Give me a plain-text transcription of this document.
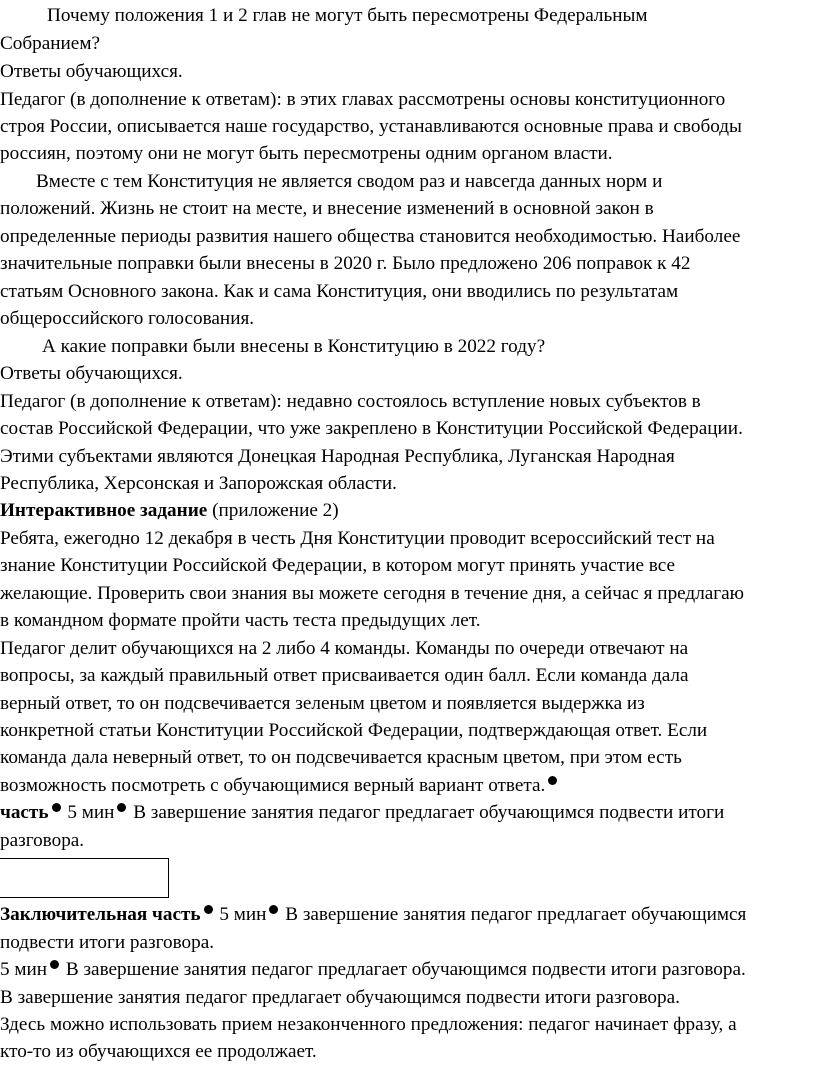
Почему положения 1 и 2 глав не могут быть пересмотрены Федеральным
Собранием?
Ответы обучающихся.
Педагог (в дополнение к ответам): в этих главах рассмотрены основы конституционного
строя России, описывается наше государство, устанавливаются основные права и свободы
россиян, поэтому они не могут быть пересмотрены одним органом власти.
Вместе с тем Конституция не является сводом раз и навсегда данных норм и
положений. Жизнь не стоит на месте, и внесение изменений в основной закон в
определенные периоды развития нашего общества становится необходимостью. Наиболее
значительные поправки были внесены в 2020 г. Было предложено 206 поправок к 42
статьям Основного закона. Как и сама Конституция, они вводились по результатам
общероссийского голосования.
А какие поправки были внесены в Конституцию в 2022 году?
Ответы обучающихся.
Педагог (в дополнение к ответам): недавно состоялось вступление новых субъектов в
состав Российской Федерации, что уже закреплено в Конституции Российской Федерации.
Этими субъектами являются Донецкая Народная Республика, Луганская Народная
Республика, Херсонская и Запорожская области.
Интерактивное задание (приложение 2)
Ребята, ежегодно 12 декабря в честь Дня Конституции проводит всероссийский тест на
знание Конституции Российской Федерации, в котором могут принять участие все
желающие. Проверить свои знания вы можете сегодня в течение дня, а сейчас я предлагаю
в командном формате пройти часть теста предыдущих лет.
Педагог делит обучающихся на 2 либо 4 команды. Команды по очереди отвечают на
вопросы, за каждый правильный ответ присваивается один балл. Если команда дала
верный ответ, то он подсвечивается зеленым цветом и появляется выдержка из
конкретной статьи Конституции Российской Федерации, подтверждающая ответ. Если
команда дала неверный ответ, то он подсвечивается красным цветом, при этом есть
возможность посмотреть с обучающимися верный вариант ответа.
часть 5 мин В завершение занятия педагог предлагает обучающимся подвести итоги
разговора.
Заключительная часть 5 мин В завершение занятия педагог предлагает обучающимся
подвести итоги разговора.
5 мин В завершение занятия педагог предлагает обучающимся подвести итоги разговора.
В завершение занятия педагог предлагает обучающимся подвести итоги разговора.
Здесь можно использовать прием незаконченного предложения: педагог начинает фразу, а
кто-то из обучающихся ее продолжает.
